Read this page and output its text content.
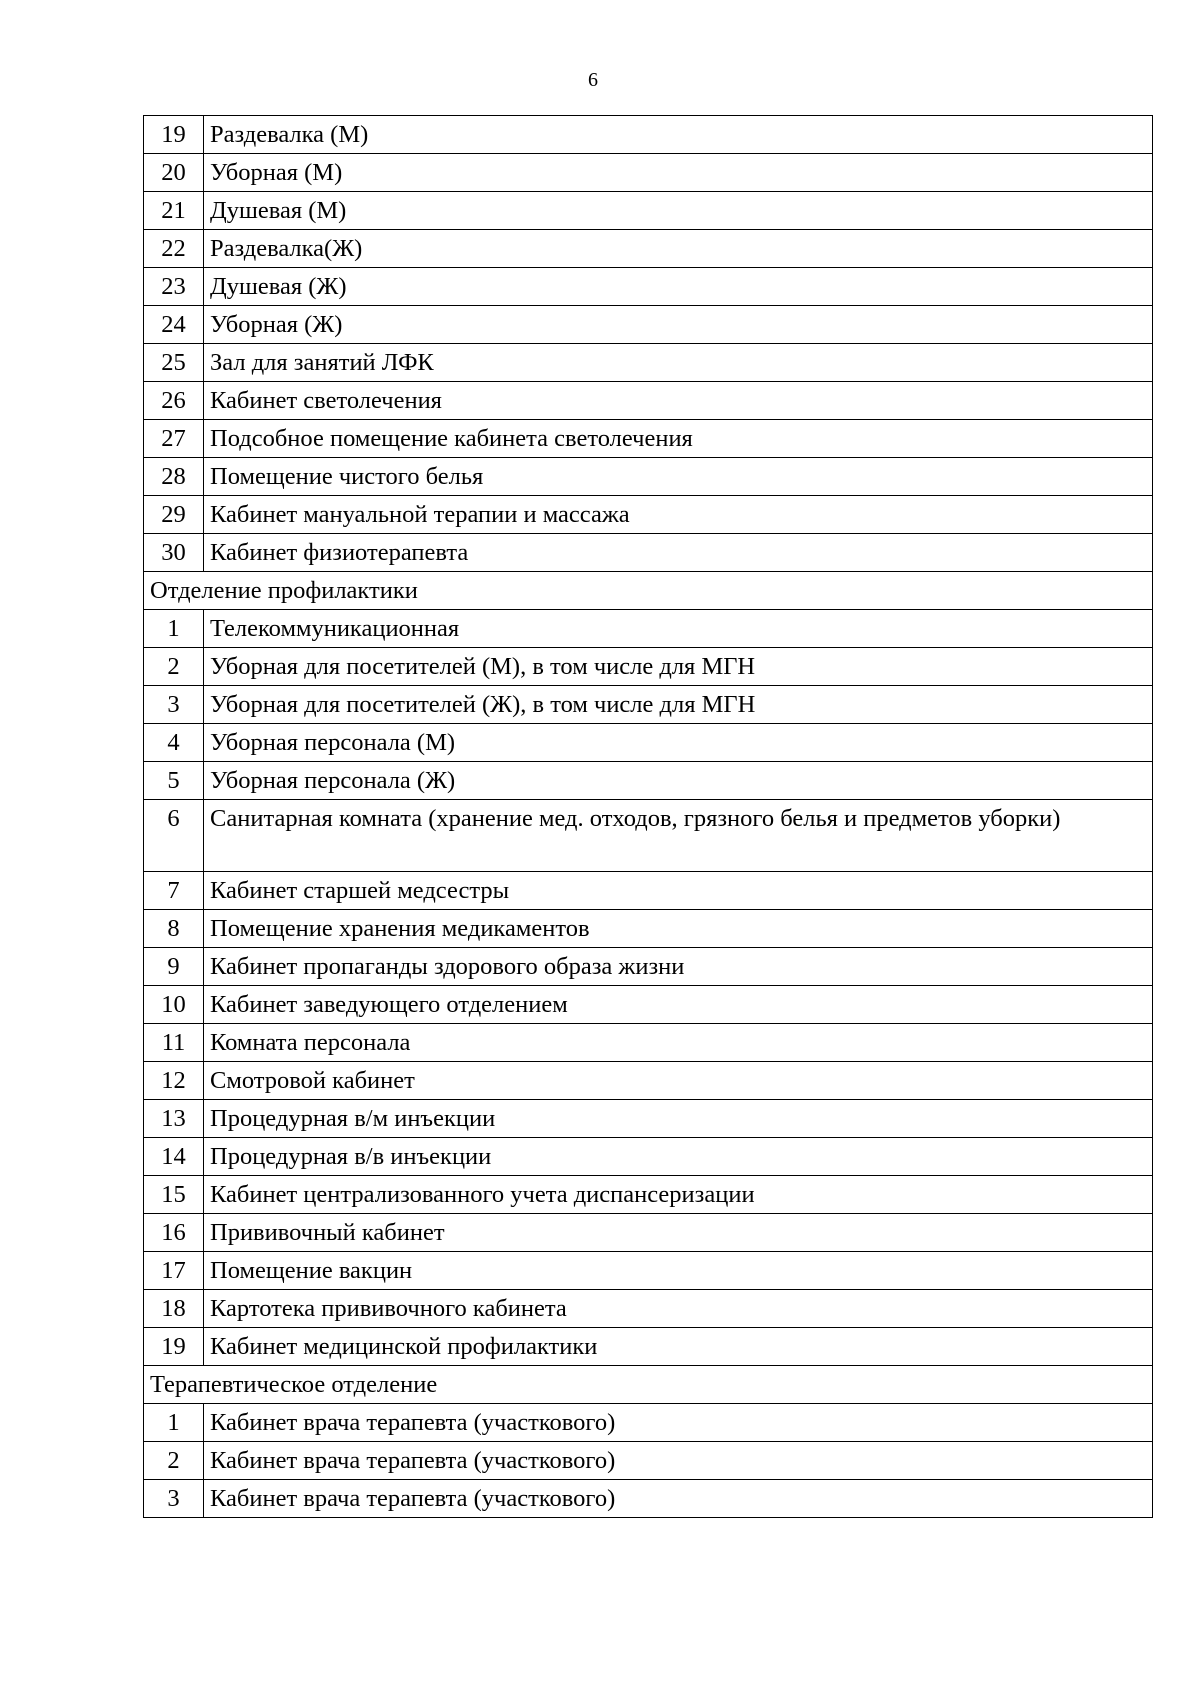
6
19	Раздевалка (М)
20	Уборная (М)
21	Душевая (М)
22	Раздевалка(Ж)
23	Душевая (Ж)
24	Уборная (Ж)
25	Зал для занятий ЛФК
26	Кабинет светолечения
27	Подсобное помещение кабинета светолечения
28	Помещение чистого белья
29	Кабинет мануальной терапии и массажа
30	Кабинет физиотерапевта
Отделение профилактики	
1	Телекоммуникационная
2	Уборная для посетителей (М), в том числе для МГН
3	Уборная для посетителей (Ж), в том числе для МГН
4	Уборная персонала (М)
5	Уборная персонала (Ж)
6	Санитарная комната (хранение мед. отходов, грязного белья и предметов уборки)
7	Кабинет старшей медсестры
8	Помещение хранения медикаментов
9	Кабинет пропаганды здорового образа жизни
10	Кабинет заведующего отделением
11	Комната персонала
12	Смотровой кабинет
13	Процедурная в/м инъекции
14	Процедурная в/в инъекции
15	Кабинет централизованного учета диспансеризации
16	Прививочный кабинет
17	Помещение вакцин
18	Картотека прививочного кабинета
19	Кабинет медицинской профилактики
Терапевтическое отделение	
1	Кабинет врача терапевта (участкового)
2	Кабинет врача терапевта (участкового)
3	Кабинет врача терапевта (участкового)
